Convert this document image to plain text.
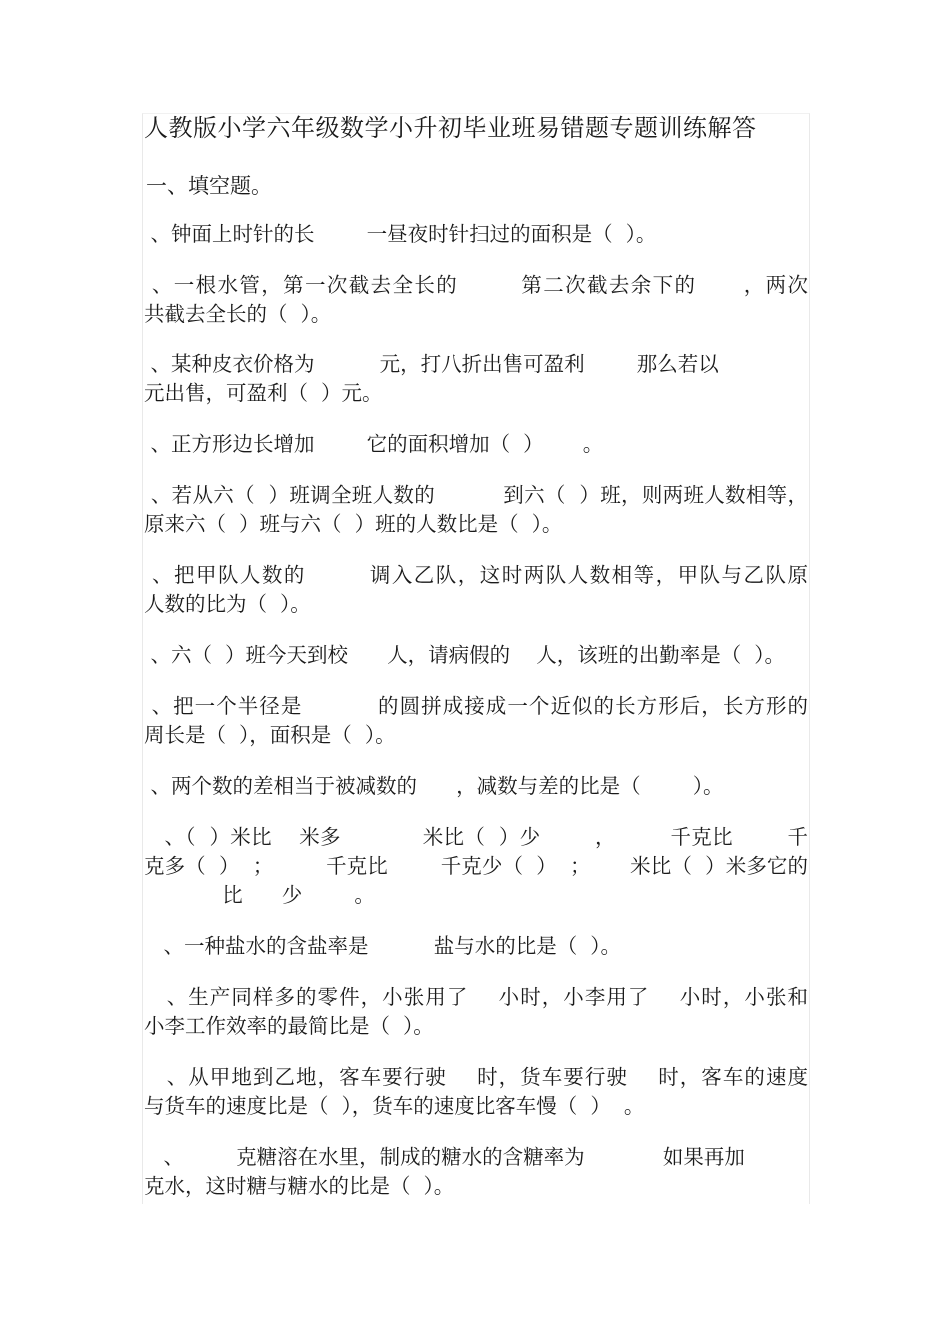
人教版小学六年级数学小升初毕业班易错题专题训练解答
一、填空题。
、钟面上时针的长        一昼夜时针扫过的面积是（  ）。
、一根水管，第一次截去全长的        第二次截去余下的      ，两次
共截去全长的（  ）。
、某种皮衣价格为          元，打八折出售可盈利        那么若以
元出售，可盈利（  ）元。
、正方形边长增加        它的面积增加（  ）      。
、若从六（  ）班调全班人数的          到六（  ）班，则两班人数相等，
原来六（  ）班与六（  ）班的人数比是（  ）。
、把甲队人数的        调入乙队，这时两队人数相等，甲队与乙队原
人数的比为（  ）。
、六（  ）班今天到校      人，请病假的    人，该班的出勤率是（  ）。
、把一个半径是          的圆拼成接成一个近似的长方形后，长方形的
周长是（  ），面积是（  ）。
、两个数的差相当于被减数的      ，减数与差的比是（        ）。
、（  ）米比    米多            米比（  ）少        ，        千克比        千
克多（  ）  ；        千克比        千克少（  ）  ；      米比（  ）米多它的
比      少        。
、一种盐水的含盐率是          盐与水的比是（  ）。
、生产同样多的零件，小张用了    小时，小李用了    小时，小张和
小李工作效率的最简比是（  ）。
、从甲地到乙地，客车要行驶    时，货车要行驶    时，客车的速度
与货车的速度比是（  ），货车的速度比客车慢（  ）  。
、        克糖溶在水里，制成的糖水的含糖率为            如果再加
克水，这时糖与糖水的比是（  ）。
